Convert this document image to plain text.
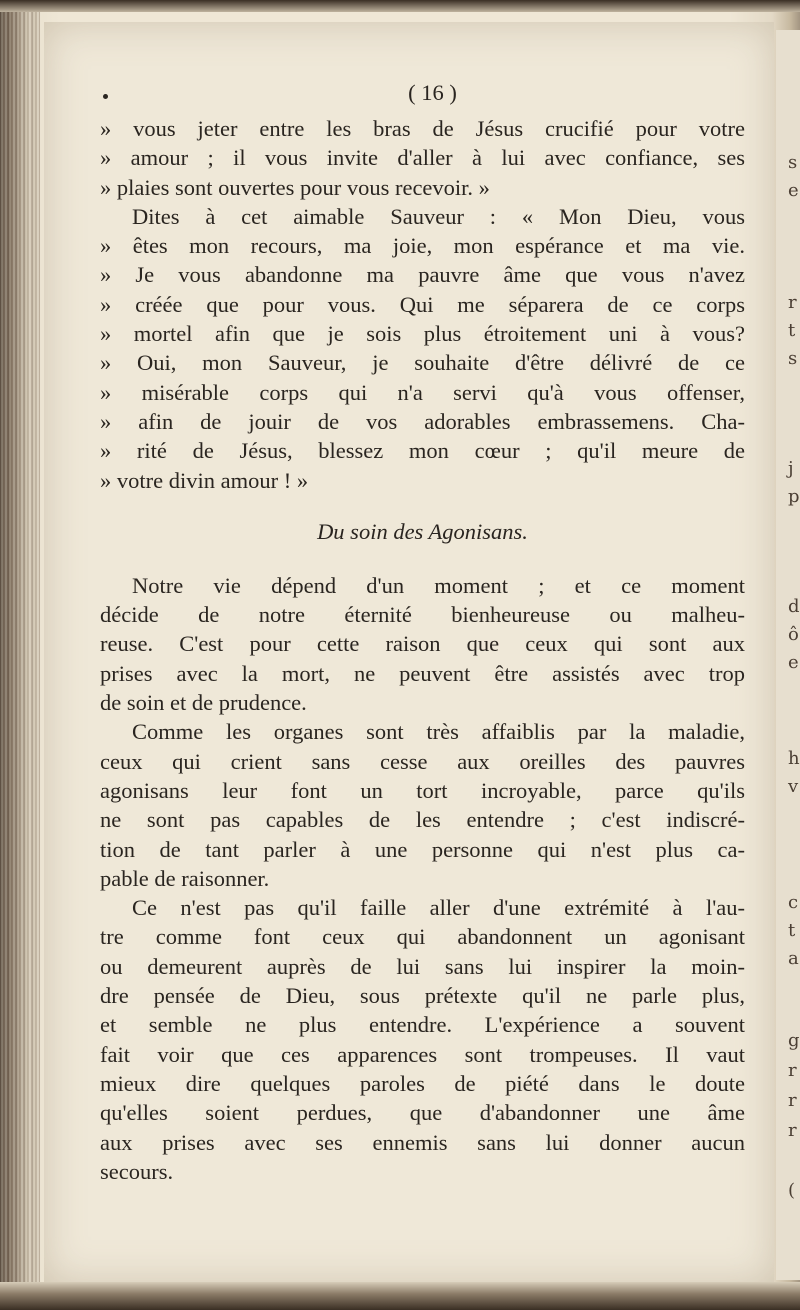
s
e
r
t
s
j
p
d
ô
e
h
v
c
t
a
g
r
r
r
(
( 16 )
» vous jeter entre les bras de Jésus crucifié pour votre
» amour ; il vous invite d'aller à lui avec confiance, ses
» plaies sont ouvertes pour vous recevoir. »
Dites à cet aimable Sauveur : « Mon Dieu, vous
» êtes mon recours, ma joie, mon espérance et ma vie.
» Je vous abandonne ma pauvre âme que vous n'avez
» créée que pour vous. Qui me séparera de ce corps
» mortel afin que je sois plus étroitement uni à vous?
» Oui, mon Sauveur, je souhaite d'être délivré de ce
» misérable corps qui n'a servi qu'à vous offenser,
» afin de jouir de vos adorables embrassemens. Cha-
» rité de Jésus, blessez mon cœur ; qu'il meure de
» votre divin amour ! »
Du soin des Agonisans.
Notre vie dépend d'un moment ; et ce moment
décide de notre éternité bienheureuse ou malheu-
reuse. C'est pour cette raison que ceux qui sont aux
prises avec la mort, ne peuvent être assistés avec trop
de soin et de prudence.
Comme les organes sont très affaiblis par la maladie,
ceux qui crient sans cesse aux oreilles des pauvres
agonisans leur font un tort incroyable, parce qu'ils
ne sont pas capables de les entendre ; c'est indiscré-
tion de tant parler à une personne qui n'est plus ca-
pable de raisonner.
Ce n'est pas qu'il faille aller d'une extrémité à l'au-
tre comme font ceux qui abandonnent un agonisant
ou demeurent auprès de lui sans lui inspirer la moin-
dre pensée de Dieu, sous prétexte qu'il ne parle plus,
et semble ne plus entendre. L'expérience a souvent
fait voir que ces apparences sont trompeuses. Il vaut
mieux dire quelques paroles de piété dans le doute
qu'elles soient perdues, que d'abandonner une âme
aux prises avec ses ennemis sans lui donner aucun
secours.
